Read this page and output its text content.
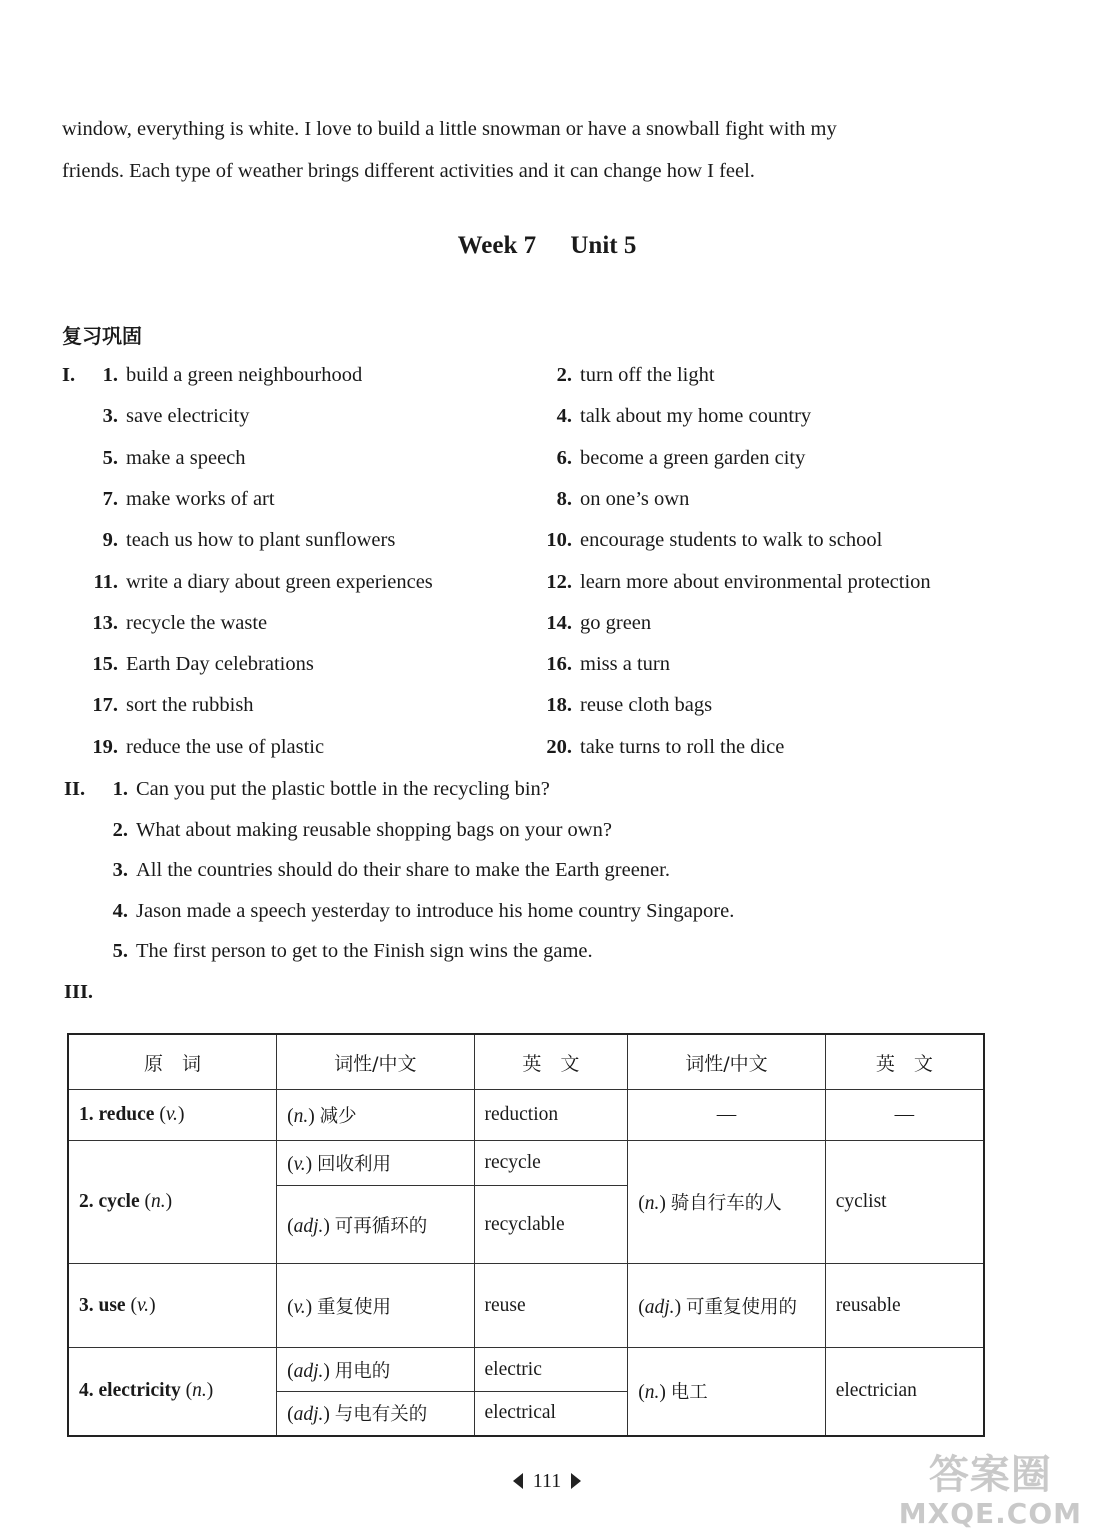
window, everything is white. I love to build a little snowman or have a snowball fight with my

friends. Each type of weather brings different activities and it can change how I feel.

Week 7 Unit 5
复习巩固
I.	1. build a green neighbourhood	2. turn off the light
3. save electricity	4. talk about my home country
5. make a speech	6. become a green garden city
7. make works of art	8. on one’s own
9. teach us how to plant sunflowers	10. encourage students to walk to school
11. write a diary about green experiences	12. learn more about environmental protection
13. recycle the waste	14. go green
15. Earth Day celebrations	16. miss a turn
17. sort the rubbish	18. reuse cloth bags
19. reduce the use of plastic	20. take turns to roll the dice
II.	1. Can you put the plastic bottle in the recycling bin?
2. What about making reusable shopping bags on your own?
3. All the countries should do their share to make the Earth greener.
4. Jason made a speech yesterday to introduce his home country Singapore.
5. The first person to get to the Finish sign wins the game.
III.
原　词	词性/中文	英　文	词性/中文	英　文
1. reduce (v.)	(n.) 减少	reduction	—	—
2. cycle (n.)	(v.) 回收利用	recycle	(n.) 骑自行车的人	cyclist
	(adj.) 可再循环的	recyclable		
3. use (v.)	(v.) 重复使用	reuse	(adj.) 可重复使用的	reusable
4. electricity (n.)	(adj.) 用电的	electric	(n.) 电工	electrician
	(adj.) 与电有关的	electrical		
111	答案圈
MXQE.COM
